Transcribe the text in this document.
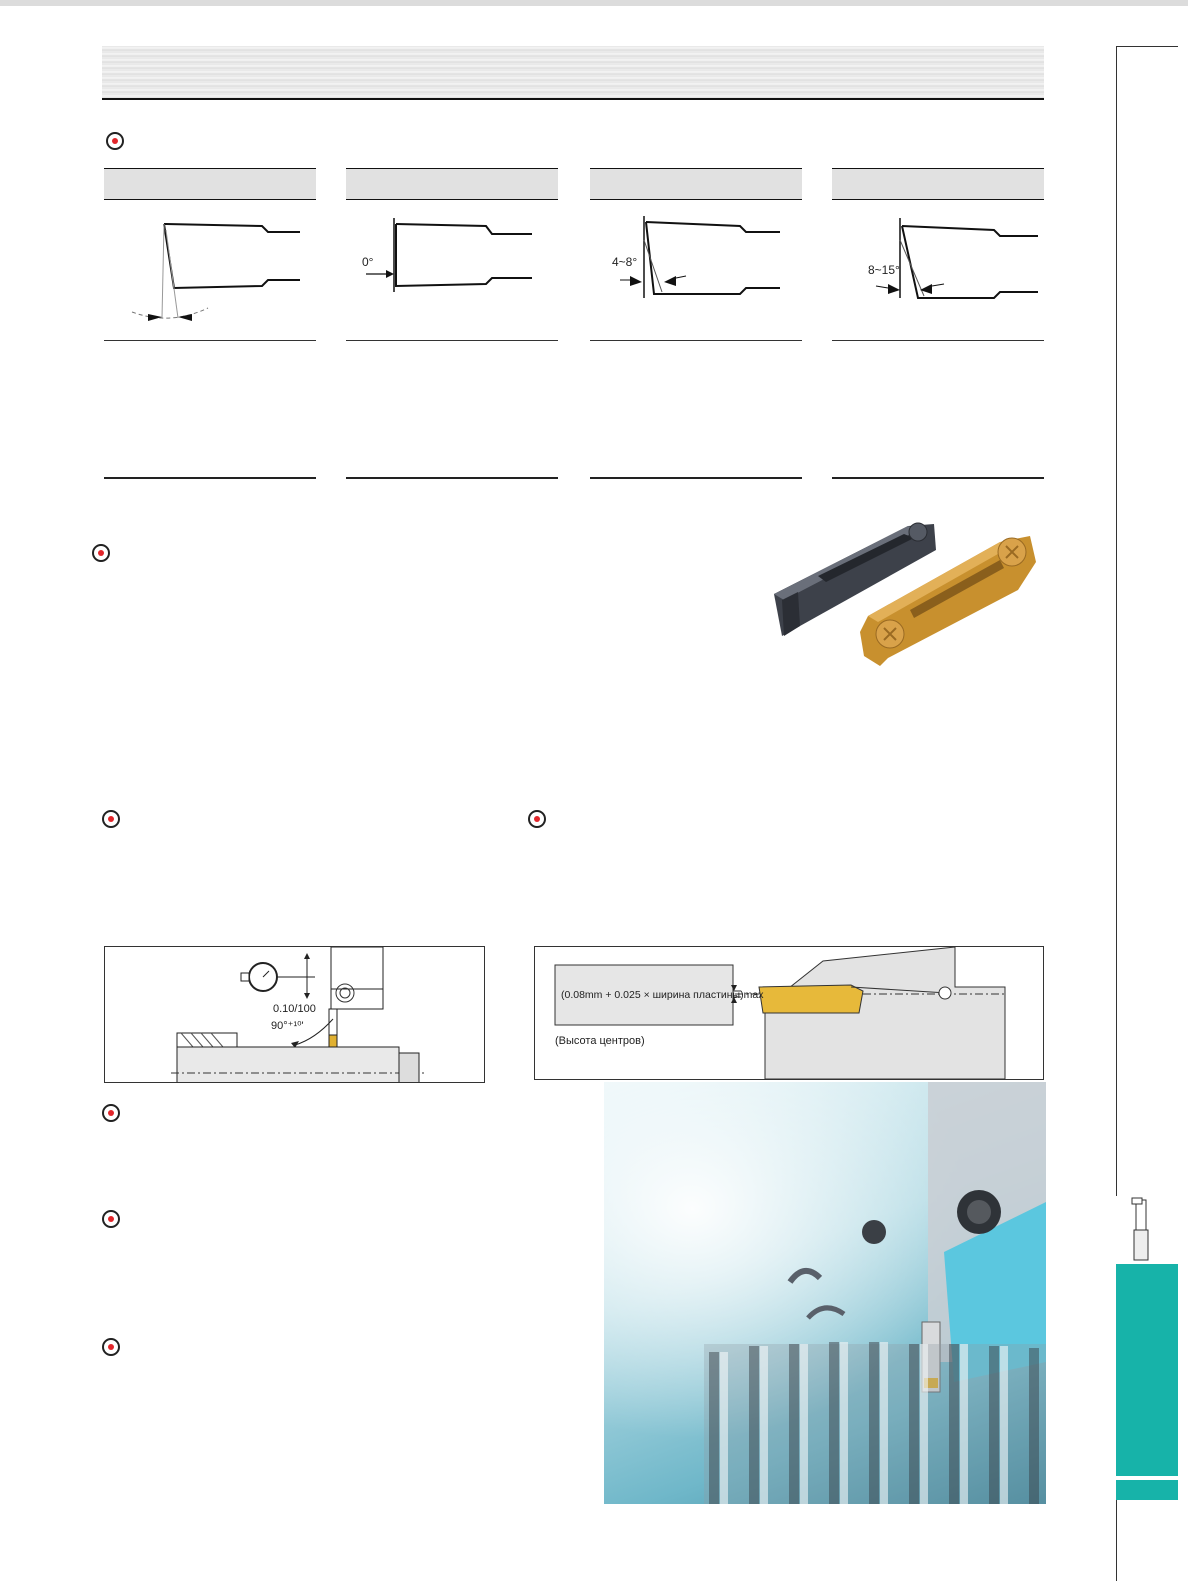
0°	4~8°
8~15°
0.10/100
90°⁺¹⁰'
(0.08mm + 0.025 × ширина пластины)max
(Высота центров)
